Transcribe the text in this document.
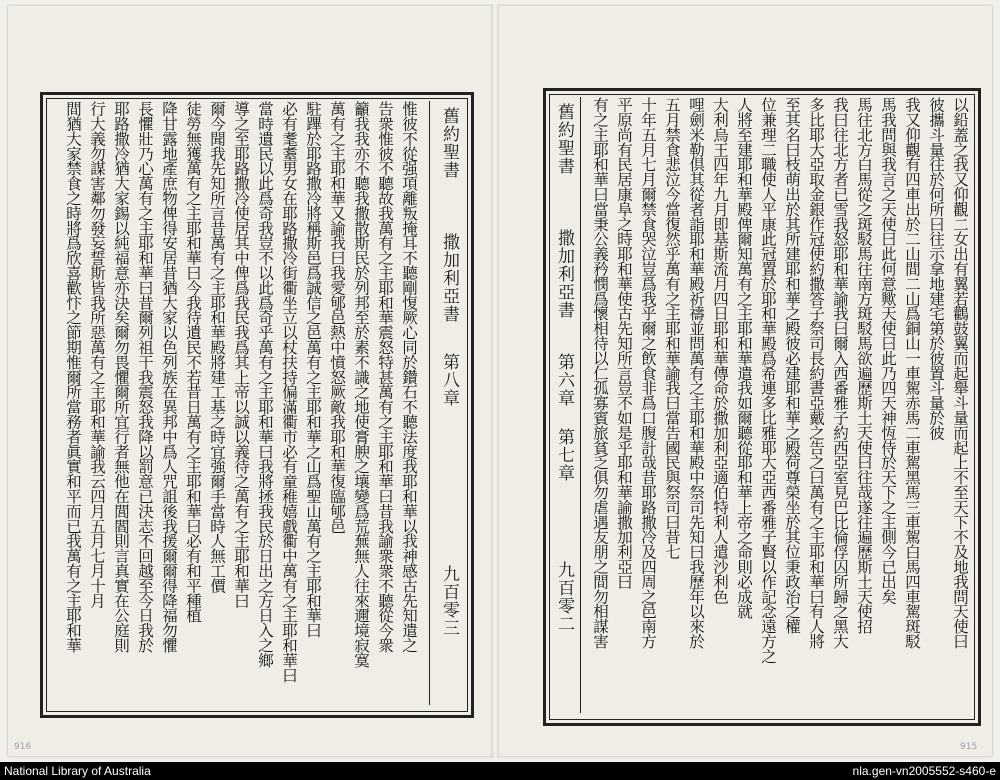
惟彼不從强項離叛掩耳不聽剛愎厥心同於鑽石不聽法度我耶和華以我神感古先知遣之

告衆惟彼不聽故我萬有之主耶和華震怒特甚萬有之主耶和華曰昔我諭衆衆不聽從今衆

籲我我亦不聽我撒散斯民於列邦至於素不識之地使膏腴之壤變爲荒蕪無人往來邇境寂寞

萬有之主耶和華又諭我曰我愛郇邑熱中憤怒厥敵我耶和華復臨郇邑

駐蹕於耶路撒冷將稱斯邑爲誠信之邑萬有之主耶和華之山爲聖山萬有之主耶和華曰

必有耄耋男女在耶路撒冷街衢坐立以杖扶持偏滿衢市必有童稚嬉戲衢中萬有之主耶和華曰

當時遺民以此爲奇我豈不以此爲奇乎萬有之主耶和華曰我將拯我民於日出之方日入之鄉

導之至耶路撒冷使居其中俾爲我民我爲其上帝以誠以義待之萬有之主耶和華曰

爾今聞我先知所言昔萬有之主耶和華殿將建工基之時宜強爾手當時人無工價

徒勞無獲萬有之主耶和華曰今我待遺民不若昔日萬有之主耶和華曰必有和平種植

降甘露地產庶物俾得安居昔猶大家以色列族在異邦中爲人咒詛後我援爾爾得降福勿懼

長懼壯乃心萬有之主耶和華曰昔爾列祖干我震怒我降以罰意已決志不回越至今日我於

耶路撒冷猶大家錫以純福意亦決矣爾勿畏懼爾所宜行者無他在閭閻則言真實在公庭則

行大義勿謀害鄰勿發妄誓斯皆我所惡萬有之主耶和華諭我云四月五月七月十月

間猶大家禁食之時將爲欣喜歡忭之節期惟爾所當務者眞實和平而已我萬有之主耶和華	舊約聖書
撒加利亞書
第八章
九百零三
916
舊約聖書
撒加利亞書
第六章 第七章
九百零二	以鉛蓋之我又仰觀二女出有翼若鸛鼓翼而起舉斗量而起上不至天下不及地我問天使曰

彼攜斗量往於何所曰往示拿地建宅第於彼置斗量於彼

我又仰觀有四車出於二山間二山爲銅山一車駕赤馬二車駕黑馬三車駕白馬四車駕斑駁

馬我問與我言之天使曰此何意歟天使曰此乃四天神恆侍於天下之主側今已出矣

馬往北方白馬從之斑駁馬往南方斑駁馬欲遍歷斯土天使曰往哉遂往遍歷斯土天使招

我曰往北方者已雪我怒耶和華諭我曰爾入西番雅子約西亞室見巴比倫俘囚所歸之黑大

多比耶大亞取金銀作冠使約撒答子祭司長約書亞戴之告之曰萬有之主耶和華曰有人將

至其名曰枝萌出於其所建耶和華之殿彼必建耶和華之殿荷尊榮坐於其位秉政治之權

位兼理二職使人平康此冠置於耶和華殿爲希連多比雅耶大亞西番雅子賢以作記念遠方之

人將至建耶和華殿俾爾知萬有之主耶和華遣我如爾聽從耶和華上帝之命則必成就

大利烏王四年九月即基斯流月四日耶和華傳命於撒加利亞適伯特利人遣沙利色

哩劍米勒倶其從者詣耶和華殿祈禱並問萬有之主耶和華殿中祭司先知曰我歷年以來於

五月禁食悲泣今當復然乎萬有之主耶和華諭我曰當告國民與祭司曰昔七

十年五月七月爾禁食哭泣豈爲我乎爾之飲食非爲口腹計哉昔耶路撒冷及四周之邑南方

平原尚有民居康阜之時耶和華使古先知所言豈不如是乎耶和華諭撒加利亞曰

有之主耶和華曰當秉公義矜憫爲懷相待以仁孤寡賓旅貧乏俱勿虐遇友朋之間勿相謀害

915
National Library of Australia	nla.gen-vn2005552-s460-e
